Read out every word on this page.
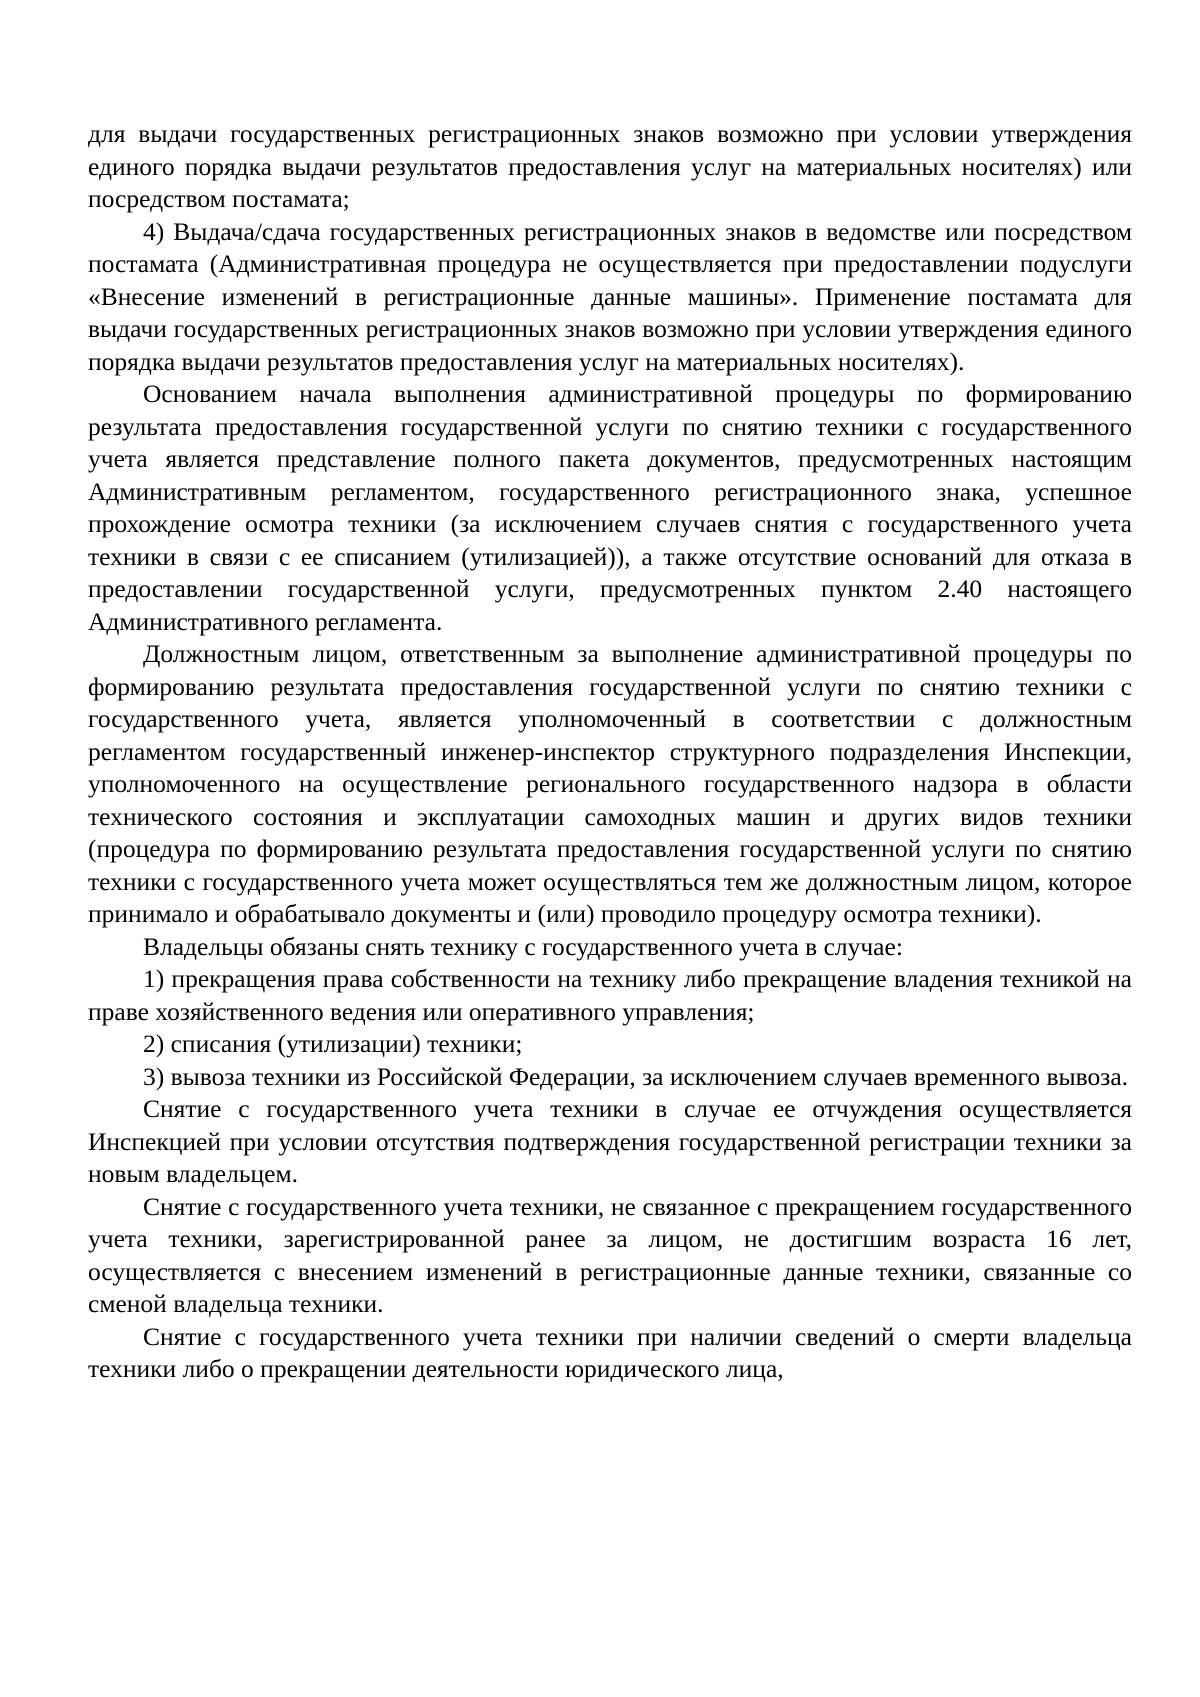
для выдачи государственных регистрационных знаков возможно при условии утверждения единого порядка выдачи результатов предоставления услуг на материальных носителях) или посредством постамата;

4) Выдача/сдача государственных регистрационных знаков в ведомстве или посредством постамата (Административная процедура не осуществляется при предоставлении подуслуги «Внесение изменений в регистрационные данные машины». Применение постамата для выдачи государственных регистрационных знаков возможно при условии утверждения единого порядка выдачи результатов предоставления услуг на материальных носителях).

Основанием начала выполнения административной процедуры по формированию результата предоставления государственной услуги по снятию техники с государственного учета является представление полного пакета документов, предусмотренных настоящим Административным регламентом, государственного регистрационного знака, успешное прохождение осмотра техники (за исключением случаев снятия с государственного учета техники в связи с ее списанием (утилизацией)), а также отсутствие оснований для отказа в предоставлении государственной услуги, предусмотренных пунктом 2.40 настоящего Административного регламента.

Должностным лицом, ответственным за выполнение административной процедуры по формированию результата предоставления государственной услуги по снятию техники с государственного учета, является уполномоченный в соответствии с должностным регламентом государственный инженер-инспектор структурного подразделения Инспекции, уполномоченного на осуществление регионального государственного надзора в области технического состояния и эксплуатации самоходных машин и других видов техники (процедура по формированию результата предоставления государственной услуги по снятию техники с государственного учета может осуществляться тем же должностным лицом, которое принимало и обрабатывало документы и (или) проводило процедуру осмотра техники).

Владельцы обязаны снять технику с государственного учета в случае:

1) прекращения права собственности на технику либо прекращение владения техникой на праве хозяйственного ведения или оперативного управления;

2) списания (утилизации) техники;

3) вывоза техники из Российской Федерации, за исключением случаев временного вывоза.

Снятие с государственного учета техники в случае ее отчуждения осуществляется Инспекцией при условии отсутствия подтверждения государственной регистрации техники за новым владельцем.

Снятие с государственного учета техники, не связанное с прекращением государственного учета техники, зарегистрированной ранее за лицом, не достигшим возраста 16 лет, осуществляется с внесением изменений в регистрационные данные техники, связанные со сменой владельца техники.

Снятие с государственного учета техники при наличии сведений о смерти владельца техники либо о прекращении деятельности юридического лица,
